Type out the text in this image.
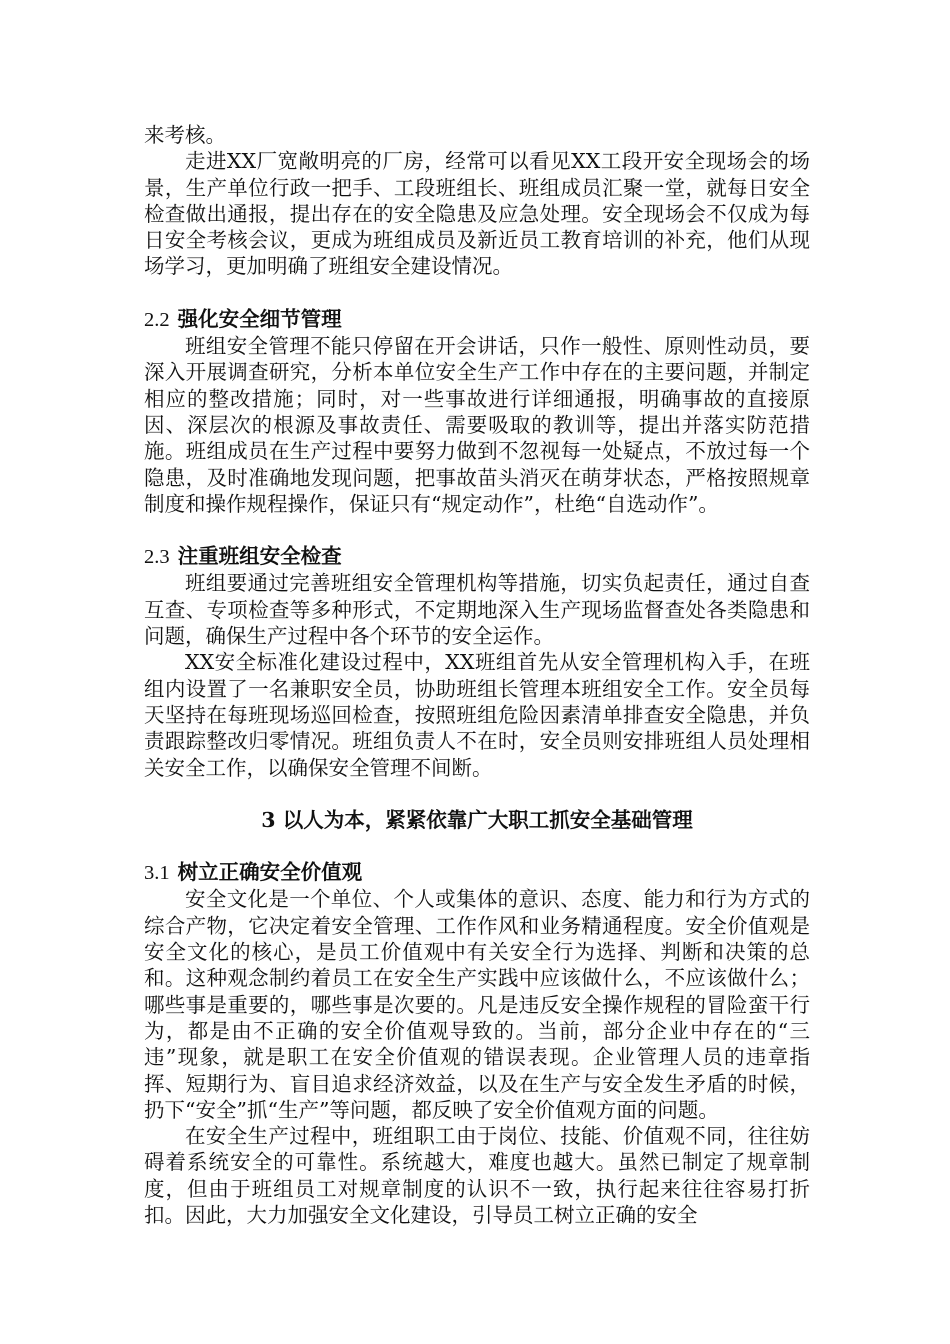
来考核。

走进XX厂宽敞明亮的厂房，经常可以看见XX工段开安全现场会的场景，生产单位行政一把手、工段班组长、班组成员汇聚一堂，就每日安全检查做出通报，提出存在的安全隐患及应急处理。安全现场会不仅成为每日安全考核会议，更成为班组成员及新近员工教育培训的补充，他们从现场学习，更加明确了班组安全建设情况。

2.2 强化安全细节管理

班组安全管理不能只停留在开会讲话，只作一般性、原则性动员，要深入开展调查研究，分析本单位安全生产工作中存在的主要问题，并制定相应的整改措施；同时，对一些事故进行详细通报，明确事故的直接原因、深层次的根源及事故责任、需要吸取的教训等，提出并落实防范措施。班组成员在生产过程中要努力做到不忽视每一处疑点，不放过每一个隐患，及时准确地发现问题，把事故苗头消灭在萌芽状态，严格按照规章制度和操作规程操作，保证只有“规定动作”，杜绝“自选动作”。

2.3 注重班组安全检查

班组要通过完善班组安全管理机构等措施，切实负起责任，通过自查互查、专项检查等多种形式，不定期地深入生产现场监督查处各类隐患和问题，确保生产过程中各个环节的安全运作。

XX安全标准化建设过程中，XX班组首先从安全管理机构入手，在班组内设置了一名兼职安全员，协助班组长管理本班组安全工作。安全员每天坚持在每班现场巡回检查，按照班组危险因素清单排查安全隐患，并负责跟踪整改归零情况。班组负责人不在时，安全员则安排班组人员处理相关安全工作，以确保安全管理不间断。

3 以人为本，紧紧依靠广大职工抓安全基础管理

3.1 树立正确安全价值观

安全文化是一个单位、个人或集体的意识、态度、能力和行为方式的综合产物，它决定着安全管理、工作作风和业务精通程度。安全价值观是安全文化的核心，是员工价值观中有关安全行为选择、判断和决策的总和。这种观念制约着员工在安全生产实践中应该做什么，不应该做什么；哪些事是重要的，哪些事是次要的。凡是违反安全操作规程的冒险蛮干行为，都是由不正确的安全价值观导致的。当前，部分企业中存在的“三违”现象，就是职工在安全价值观的错误表现。企业管理人员的违章指挥、短期行为、盲目追求经济效益，以及在生产与安全发生矛盾的时候，扔下“安全”抓“生产”等问题，都反映了安全价值观方面的问题。

在安全生产过程中，班组职工由于岗位、技能、价值观不同，往往妨碍着系统安全的可靠性。系统越大，难度也越大。虽然已制定了规章制度，但由于班组员工对规章制度的认识不一致，执行起来往往容易打折扣。因此，大力加强安全文化建设，引导员工树立正确的安全
